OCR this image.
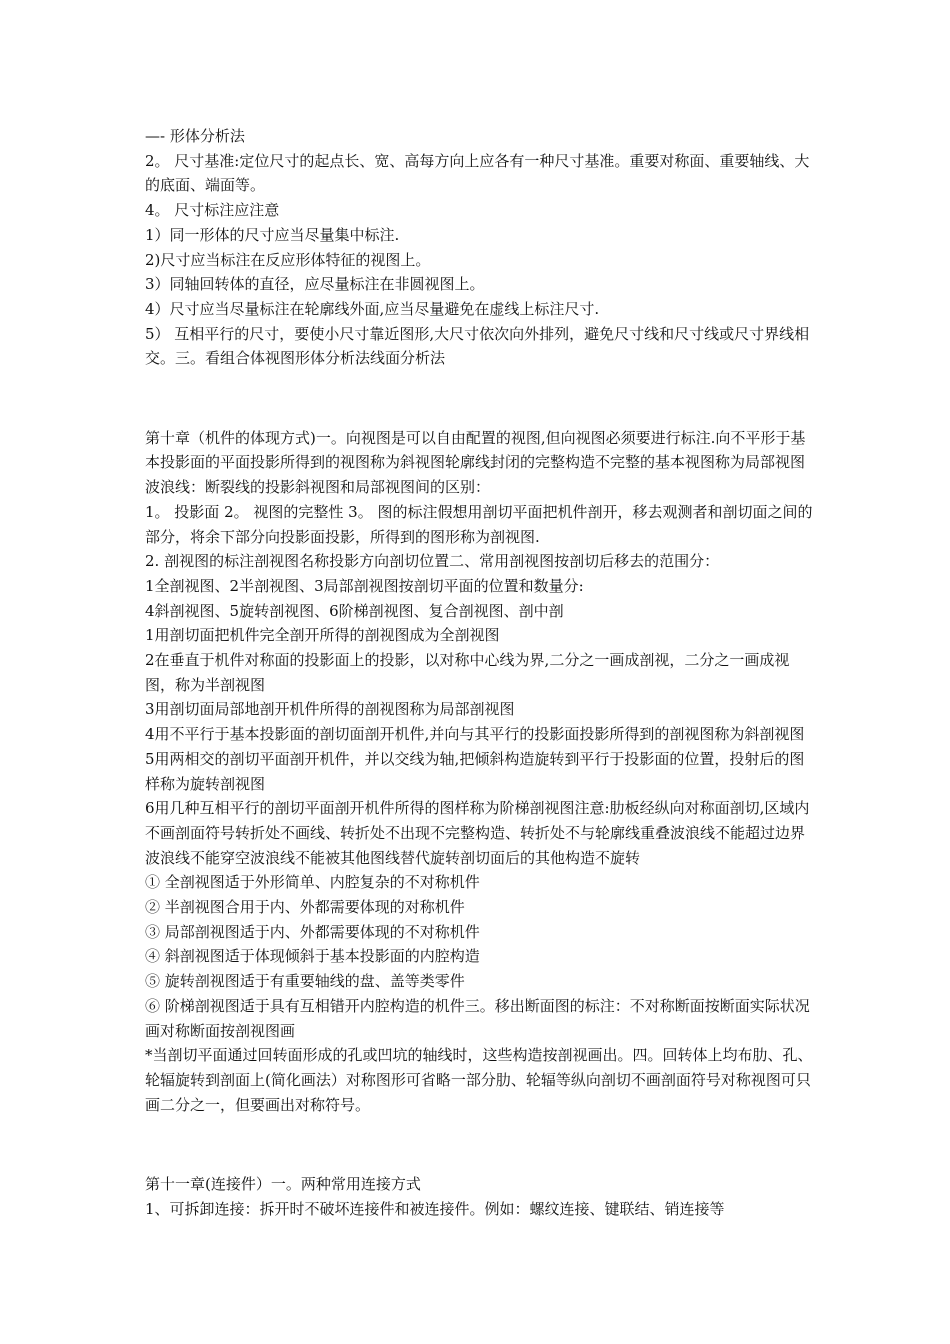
—- 形体分析法

2。 尺寸基准:定位尺寸的起点长、宽、高每方向上应各有一种尺寸基准。重要对称面、重要轴线、大的底面、端面等。

4。 尺寸标注应注意

1）同一形体的尺寸应当尽量集中标注.

2)尺寸应当标注在反应形体特征的视图上。

3）同轴回转体的直径，应尽量标注在非圆视图上。

4）尺寸应当尽量标注在轮廓线外面,应当尽量避免在虚线上标注尺寸.

5） 互相平行的尺寸，要使小尺寸靠近图形,大尺寸依次向外排列，避免尺寸线和尺寸线或尺寸界线相交。三。看组合体视图形体分析法线面分析法

第十章（机件的体现方式)一。向视图是可以自由配置的视图,但向视图必须要进行标注.向不平形于基本投影面的平面投影所得到的视图称为斜视图轮廓线封闭的完整构造不完整的基本视图称为局部视图波浪线：断裂线的投影斜视图和局部视图间的区别：

1。 投影面 2。 视图的完整性 3。 图的标注假想用剖切平面把机件剖开，移去观测者和剖切面之间的部分，将余下部分向投影面投影，所得到的图形称为剖视图.

2. 剖视图的标注剖视图名称投影方向剖切位置二、常用剖视图按剖切后移去的范围分：

1全剖视图、2半剖视图、3局部剖视图按剖切平面的位置和数量分:

4斜剖视图、5旋转剖视图、6阶梯剖视图、复合剖视图、剖中剖

1用剖切面把机件完全剖开所得的剖视图成为全剖视图

2在垂直于机件对称面的投影面上的投影，以对称中心线为界,二分之一画成剖视，二分之一画成视图，称为半剖视图

3用剖切面局部地剖开机件所得的剖视图称为局部剖视图

4用不平行于基本投影面的剖切面剖开机件,并向与其平行的投影面投影所得到的剖视图称为斜剖视图

5用两相交的剖切平面剖开机件，并以交线为轴,把倾斜构造旋转到平行于投影面的位置，投射后的图样称为旋转剖视图

6用几种互相平行的剖切平面剖开机件所得的图样称为阶梯剖视图注意:肋板经纵向对称面剖切,区域内不画剖面符号转折处不画线、转折处不出现不完整构造、转折处不与轮廓线重叠波浪线不能超过边界波浪线不能穿空波浪线不能被其他图线替代旋转剖切面后的其他构造不旋转

① 全剖视图适于外形简单、内腔复杂的不对称机件

② 半剖视图合用于内、外都需要体现的对称机件

③ 局部剖视图适于内、外都需要体现的不对称机件

④ 斜剖视图适于体现倾斜于基本投影面的内腔构造

⑤ 旋转剖视图适于有重要轴线的盘、盖等类零件

⑥ 阶梯剖视图适于具有互相错开内腔构造的机件三。移出断面图的标注：不对称断面按断面实际状况画对称断面按剖视图画

*当剖切平面通过回转面形成的孔或凹坑的轴线时，这些构造按剖视画出。四。回转体上均布肋、孔、轮辐旋转到剖面上(简化画法）对称图形可省略一部分肋、轮辐等纵向剖切不画剖面符号对称视图可只画二分之一，但要画出对称符号。

第十一章(连接件）一。两种常用连接方式

1、可拆卸连接：拆开时不破坏连接件和被连接件。例如：螺纹连接、键联结、销连接等
